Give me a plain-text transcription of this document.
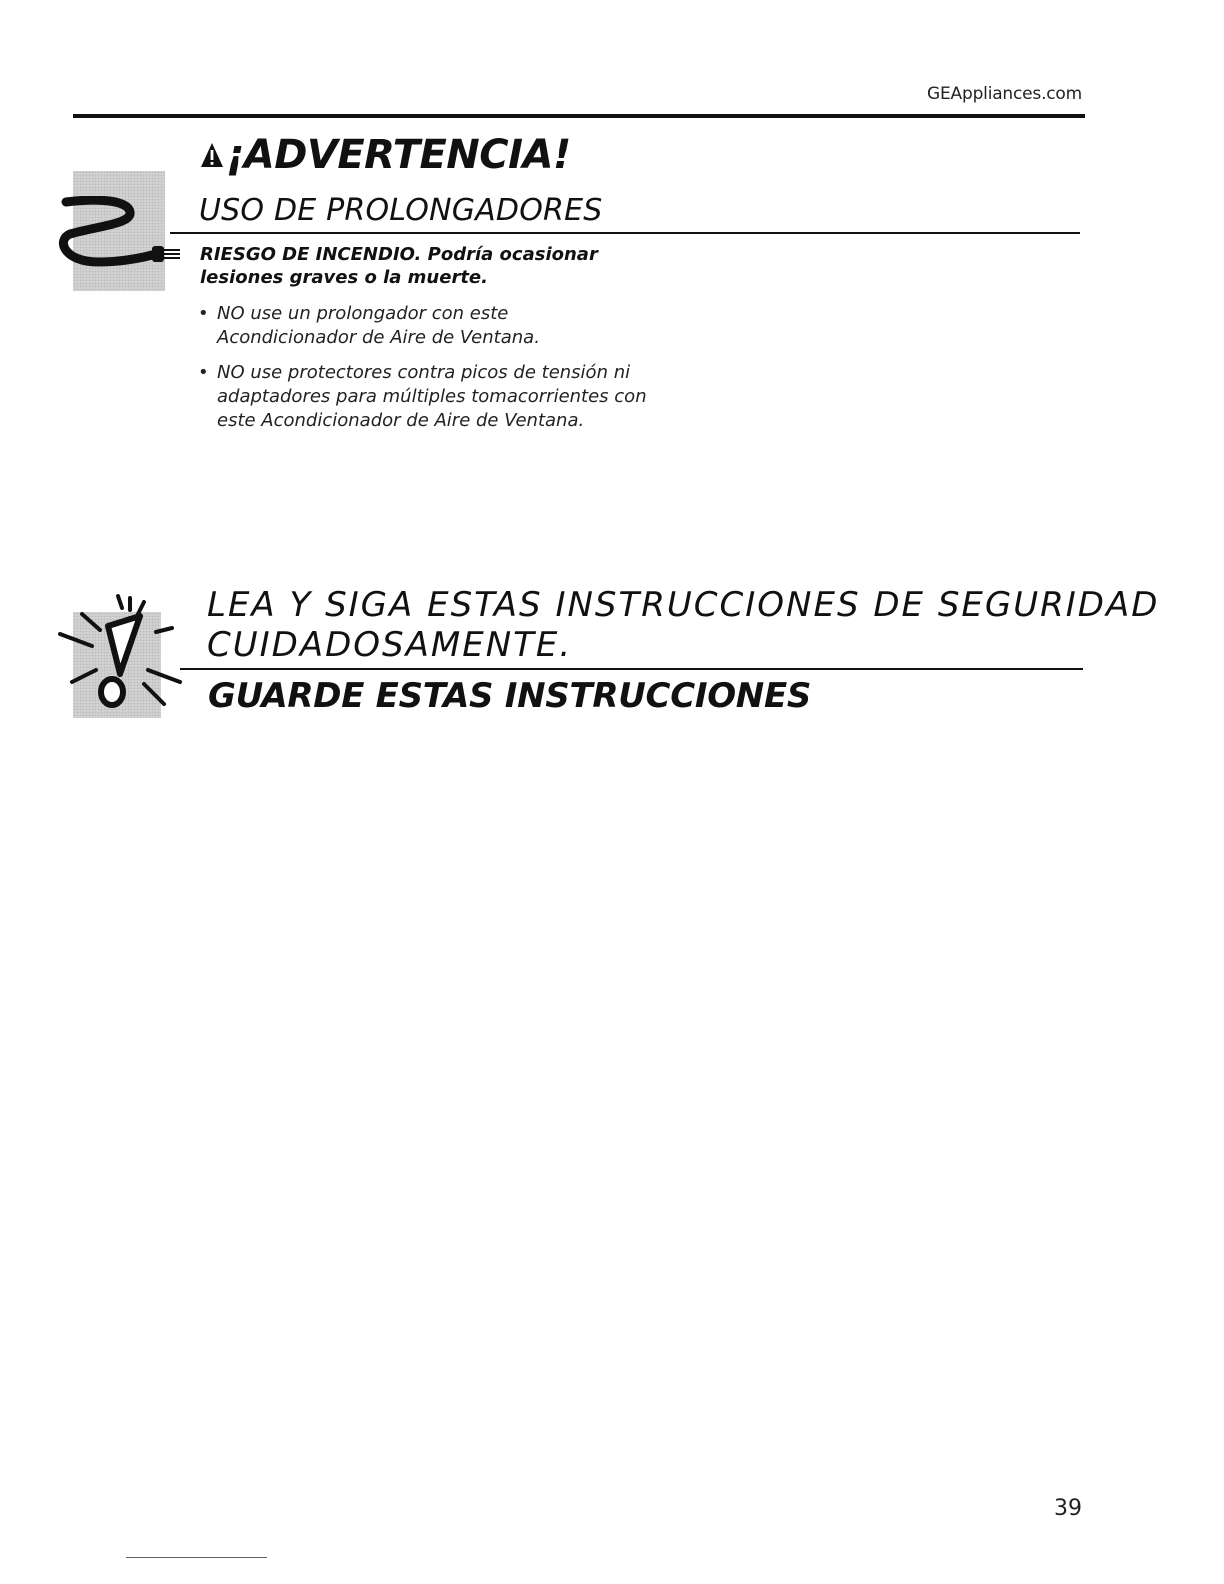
GEAppliances.com
¡ADVERTENCIA!
USO DE PROLONGADORES
RIESGO DE INCENDIO. Podría ocasionar
lesiones graves o la muerte.
• NO use un prolongador con este Acondicionador de Aire de Ventana.
• NO use protectores contra picos de tensión ni adaptadores para múltiples tomacorrientes con este Acondicionador de Aire de Ventana.
LEA Y SIGA ESTAS INSTRUCCIONES DE SEGURIDAD
CUIDADOSAMENTE.
GUARDE ESTAS INSTRUCCIONES
39
